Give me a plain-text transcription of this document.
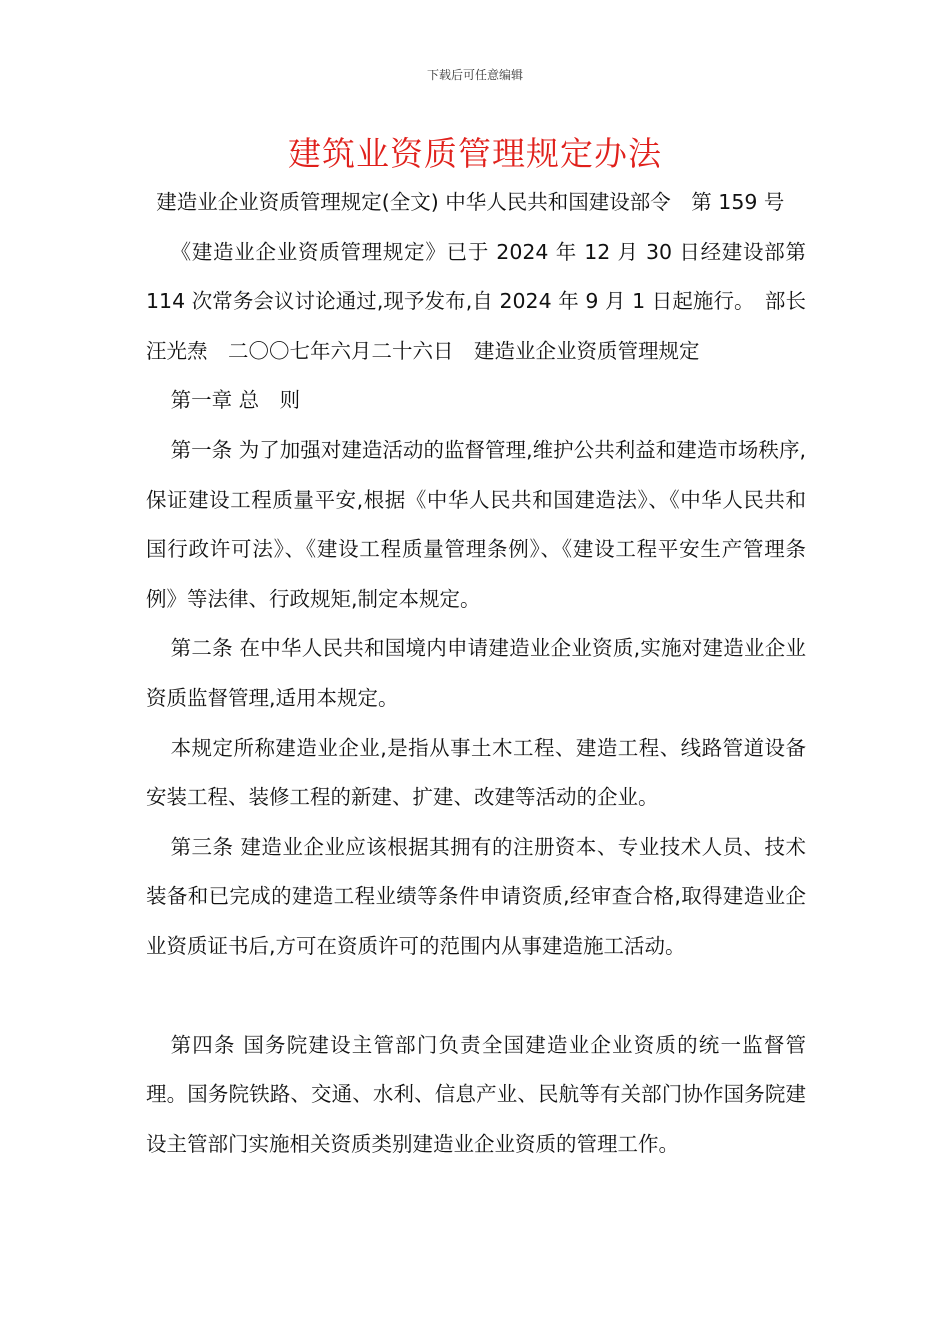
下载后可任意编辑
建筑业资质管理规定办法

建造业企业资质管理规定(全文) 中华人民共和国建设部令　第 159 号

《建造业企业资质管理规定》已于 2024 年 12 月 30 日经建设部第 114 次常务会议讨论通过,现予发布,自 2024 年 9 月 1 日起施行。　部长　汪光焘　二〇〇七年六月二十六日　建造业企业资质管理规定

第一章 总　则

第一条 为了加强对建造活动的监督管理,维护公共利益和建造市场秩序,保证建设工程质量平安,根据《中华人民共和国建造法》、《中华人民共和国行政许可法》、《建设工程质量管理条例》、《建设工程平安生产管理条例》等法律、行政规矩,制定本规定。

第二条 在中华人民共和国境内申请建造业企业资质,实施对建造业企业资质监督管理,适用本规定。

本规定所称建造业企业,是指从事土木工程、建造工程、线路管道设备安装工程、装修工程的新建、扩建、改建等活动的企业。

第三条 建造业企业应该根据其拥有的注册资本、专业技术人员、技术装备和已完成的建造工程业绩等条件申请资质,经审查合格,取得建造业企业资质证书后,方可在资质许可的范围内从事建造施工活动。

第四条 国务院建设主管部门负责全国建造业企业资质的统一监督管理。国务院铁路、交通、水利、信息产业、民航等有关部门协作国务院建设主管部门实施相关资质类别建造业企业资质的管理工作。
